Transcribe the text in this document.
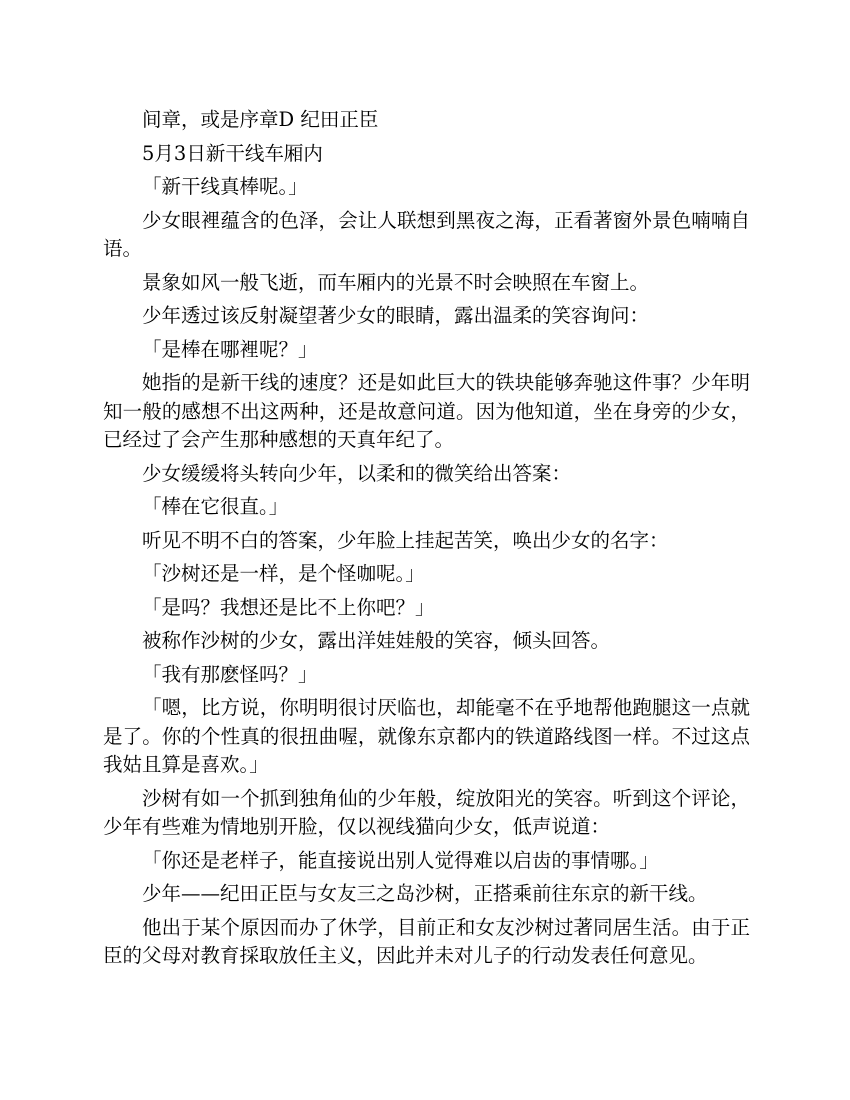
间章，或是序章D 纪田正臣

5月3日新干线车厢内

「新干线真棒呢。」

少女眼裡蕴含的色泽，会让人联想到黑夜之海，正看著窗外景色喃喃自语。

景象如风一般飞逝，而车厢内的光景不时会映照在车窗上。

少年透过该反射凝望著少女的眼睛，露出温柔的笑容询问：

「是棒在哪裡呢？」

她指的是新干线的速度？还是如此巨大的铁块能够奔驰这件事？少年明知一般的感想不出这两种，还是故意问道。因为他知道，坐在身旁的少女，已经过了会产生那种感想的天真年纪了。

少女缓缓将头转向少年，以柔和的微笑给出答案：

「棒在它很直。」

听见不明不白的答案，少年脸上挂起苦笑，唤出少女的名字：

「沙树还是一样，是个怪咖呢。」

「是吗？我想还是比不上你吧？」

被称作沙树的少女，露出洋娃娃般的笑容，倾头回答。

「我有那麽怪吗？」

「嗯，比方说，你明明很讨厌临也，却能毫不在乎地帮他跑腿这一点就是了。你的个性真的很扭曲喔，就像东京都内的铁道路线图一样。不过这点我姑且算是喜欢。」

沙树有如一个抓到独角仙的少年般，绽放阳光的笑容。听到这个评论，少年有些难为情地别开脸，仅以视线猫向少女，低声说道：

「你还是老样子，能直接说出别人觉得难以启齿的事情哪。」

少年——纪田正臣与女友三之岛沙树，正搭乘前往东京的新干线。

他出于某个原因而办了休学，目前正和女友沙树过著同居生活。由于正臣的父母对教育採取放任主义，因此并未对儿子的行动发表任何意见。
